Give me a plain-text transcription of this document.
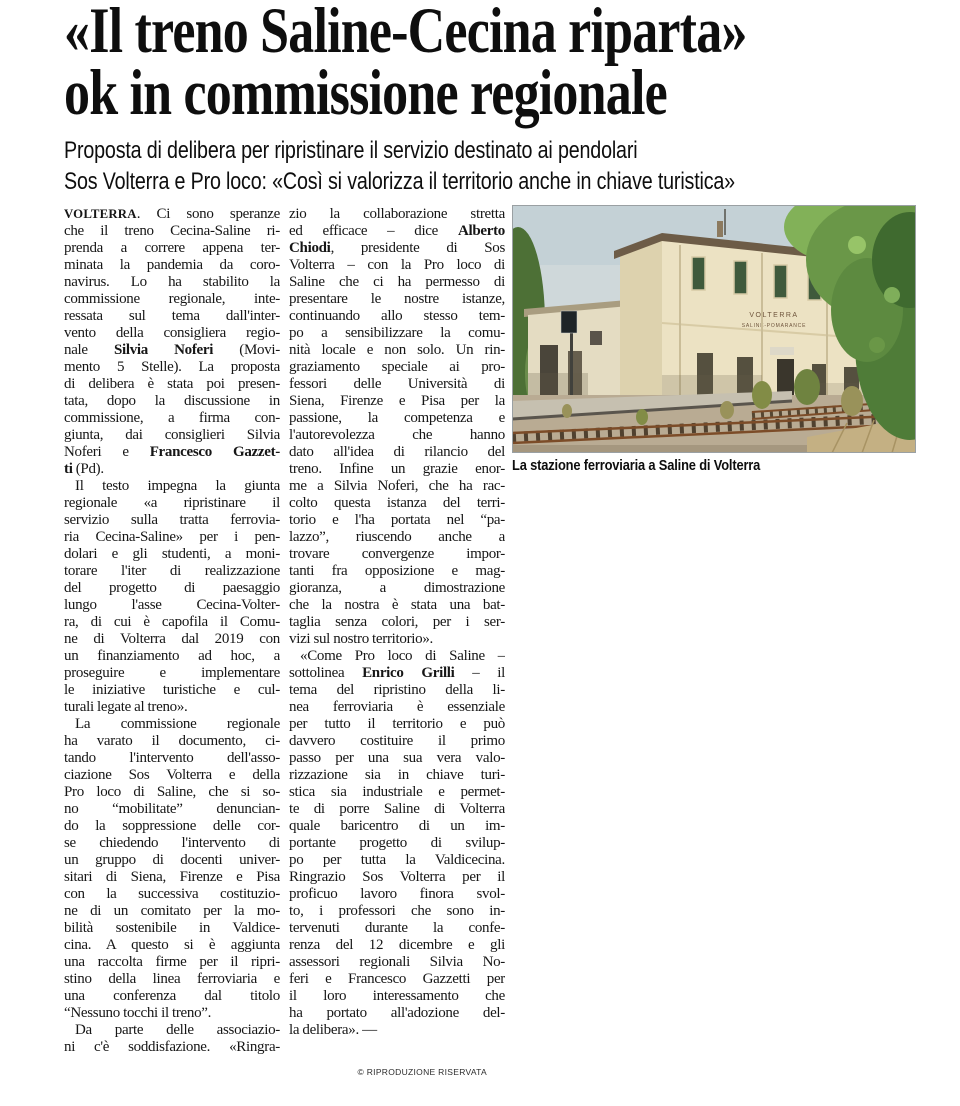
«Il treno Saline-Cecina riparta»
ok in commissione regionale
Proposta di delibera per ripristinare il servizio destinato ai pendolari
Sos Volterra e Pro loco: «Così si valorizza il territorio anche in chiave turistica»
VOLTERRA. Ci sono speranze
che il treno Cecina-Saline ri-
prenda a correre appena ter-
minata la pandemia da coro-
navirus. Lo ha stabilito la
commissione regionale, inte-
ressata sul tema dall'inter-
vento della consigliera regio-
nale Silvia Noferi (Movi-
mento 5 Stelle). La proposta
di delibera è stata poi presen-
tata, dopo la discussione in
commissione, a firma con-
giunta, dai consiglieri Silvia
Noferi e Francesco Gazzet-
ti (Pd).
Il testo impegna la giunta
regionale «a ripristinare il
servizio sulla tratta ferrovia-
ria Cecina-Saline» per i pen-
dolari e gli studenti, a moni-
torare l'iter di realizzazione
del progetto di paesaggio
lungo l'asse Cecina-Volter-
ra, di cui è capofila il Comu-
ne di Volterra dal 2019 con
un finanziamento ad hoc, a
proseguire e implementare
le iniziative turistiche e cul-
turali legate al treno».
La commissione regionale
ha varato il documento, ci-
tando l'intervento dell'asso-
ciazione Sos Volterra e della
Pro loco di Saline, che si so-
no “mobilitate” denuncian-
do la soppressione delle cor-
se chiedendo l'intervento di
un gruppo di docenti univer-
sitari di Siena, Firenze e Pisa
con la successiva costituzio-
ne di un comitato per la mo-
bilità sostenibile in Valdice-
cina. A questo si è aggiunta
una raccolta firme per il ripri-
stino della linea ferroviaria e
una conferenza dal titolo
“Nessuno tocchi il treno”.
Da parte delle associazio-
ni c'è soddisfazione. «Ringra-
zio la collaborazione stretta
ed efficace – dice Alberto
Chiodi, presidente di Sos
Volterra – con la Pro loco di
Saline che ci ha permesso di
presentare le nostre istanze,
continuando allo stesso tem-
po a sensibilizzare la comu-
nità locale e non solo. Un rin-
graziamento speciale ai pro-
fessori delle Università di
Siena, Firenze e Pisa per la
passione, la competenza e
l'autorevolezza che hanno
dato all'idea di rilancio del
treno. Infine un grazie enor-
me a Silvia Noferi, che ha rac-
colto questa istanza del terri-
torio e l'ha portata nel “pa-
lazzo”, riuscendo anche a
trovare convergenze impor-
tanti fra opposizione e mag-
gioranza, a dimostrazione
che la nostra è stata una bat-
taglia senza colori, per i ser-
vizi sul nostro territorio».
«Come Pro loco di Saline –
sottolinea Enrico Grilli – il
tema del ripristino della li-
nea ferroviaria è essenziale
per tutto il territorio e può
davvero costituire il primo
passo per una sua vera valo-
rizzazione sia in chiave turi-
stica sia industriale e permet-
te di porre Saline di Volterra
quale baricentro di un im-
portante progetto di svilup-
po per tutta la Valdicecina.
Ringrazio Sos Volterra per il
proficuo lavoro finora svol-
to, i professori che sono in-
tervenuti durante la confe-
renza del 12 dicembre e gli
assessori regionali Silvia No-
feri e Francesco Gazzetti per
il loro interessamento che
ha portato all'adozione del-
la delibera». —
© RIPRODUZIONE RISERVATA
VOLTERRA
SALINE-POMARANCE
La stazione ferroviaria a Saline di Volterra
